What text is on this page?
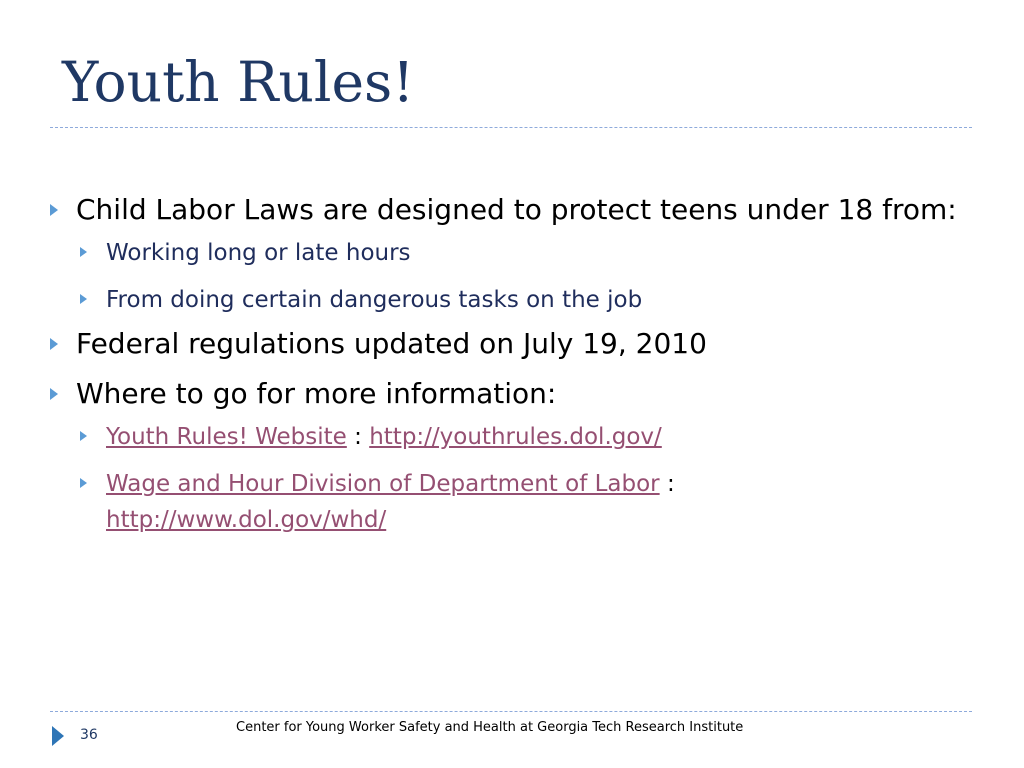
Youth Rules!
Child Labor Laws are designed to protect teens under 18 from:
Working long or late hours
From doing certain dangerous tasks on the job
Federal regulations updated on July 19, 2010
Where to go for more information:
Youth Rules! Website : http://youthrules.dol.gov/
Wage and Hour Division of Department of Labor :
http://www.dol.gov/whd/
36	Center for Young Worker Safety and Health at Georgia Tech Research Institute
